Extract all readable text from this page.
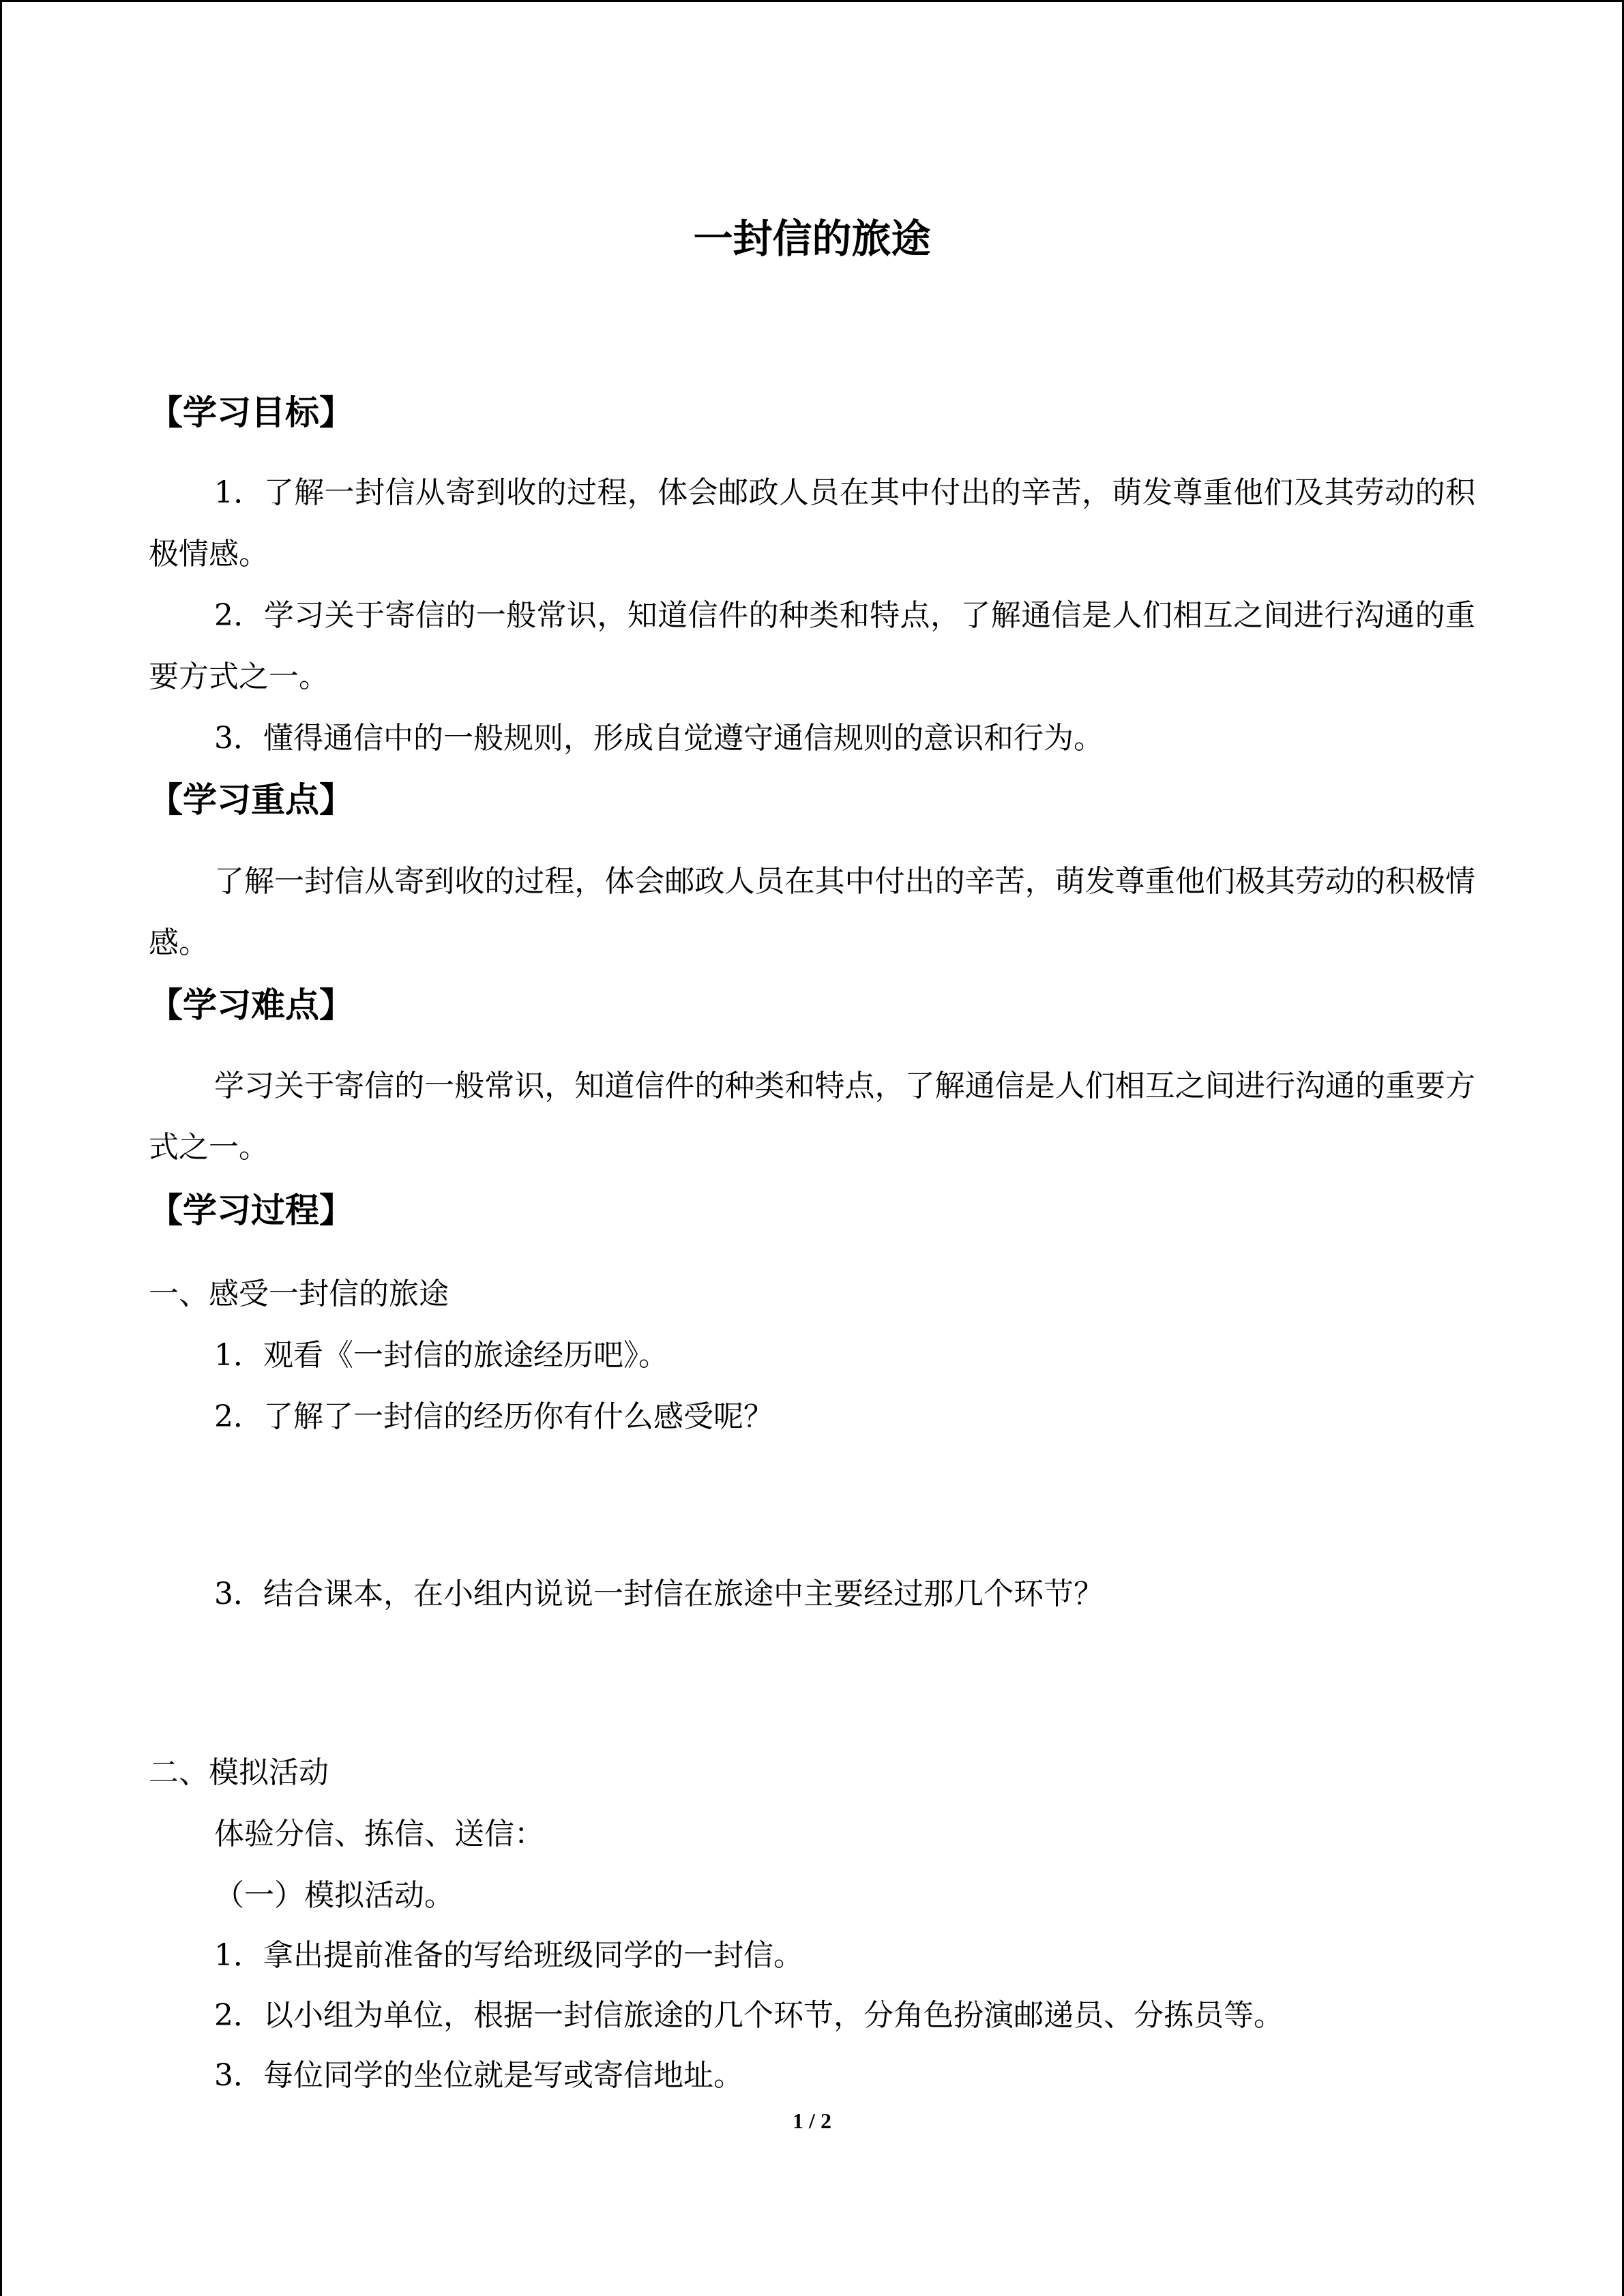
一封信的旅途
【学习目标】
1．了解一封信从寄到收的过程，体会邮政人员在其中付出的辛苦，萌发尊重他们及其劳动的积极情感。
2．学习关于寄信的一般常识，知道信件的种类和特点，了解通信是人们相互之间进行沟通的重要方式之一。
3．懂得通信中的一般规则，形成自觉遵守通信规则的意识和行为。
【学习重点】
了解一封信从寄到收的过程，体会邮政人员在其中付出的辛苦，萌发尊重他们极其劳动的积极情感。
【学习难点】
学习关于寄信的一般常识，知道信件的种类和特点，了解通信是人们相互之间进行沟通的重要方式之一。
【学习过程】
一、感受一封信的旅途
1．观看《一封信的旅途经历吧》。
2．了解了一封信的经历你有什么感受呢？
3．结合课本，在小组内说说一封信在旅途中主要经过那几个环节？
二、模拟活动
体验分信、拣信、送信：
（一）模拟活动。
1．拿出提前准备的写给班级同学的一封信。
2．以小组为单位，根据一封信旅途的几个环节，分角色扮演邮递员、分拣员等。
3．每位同学的坐位就是写或寄信地址。
1 / 2
